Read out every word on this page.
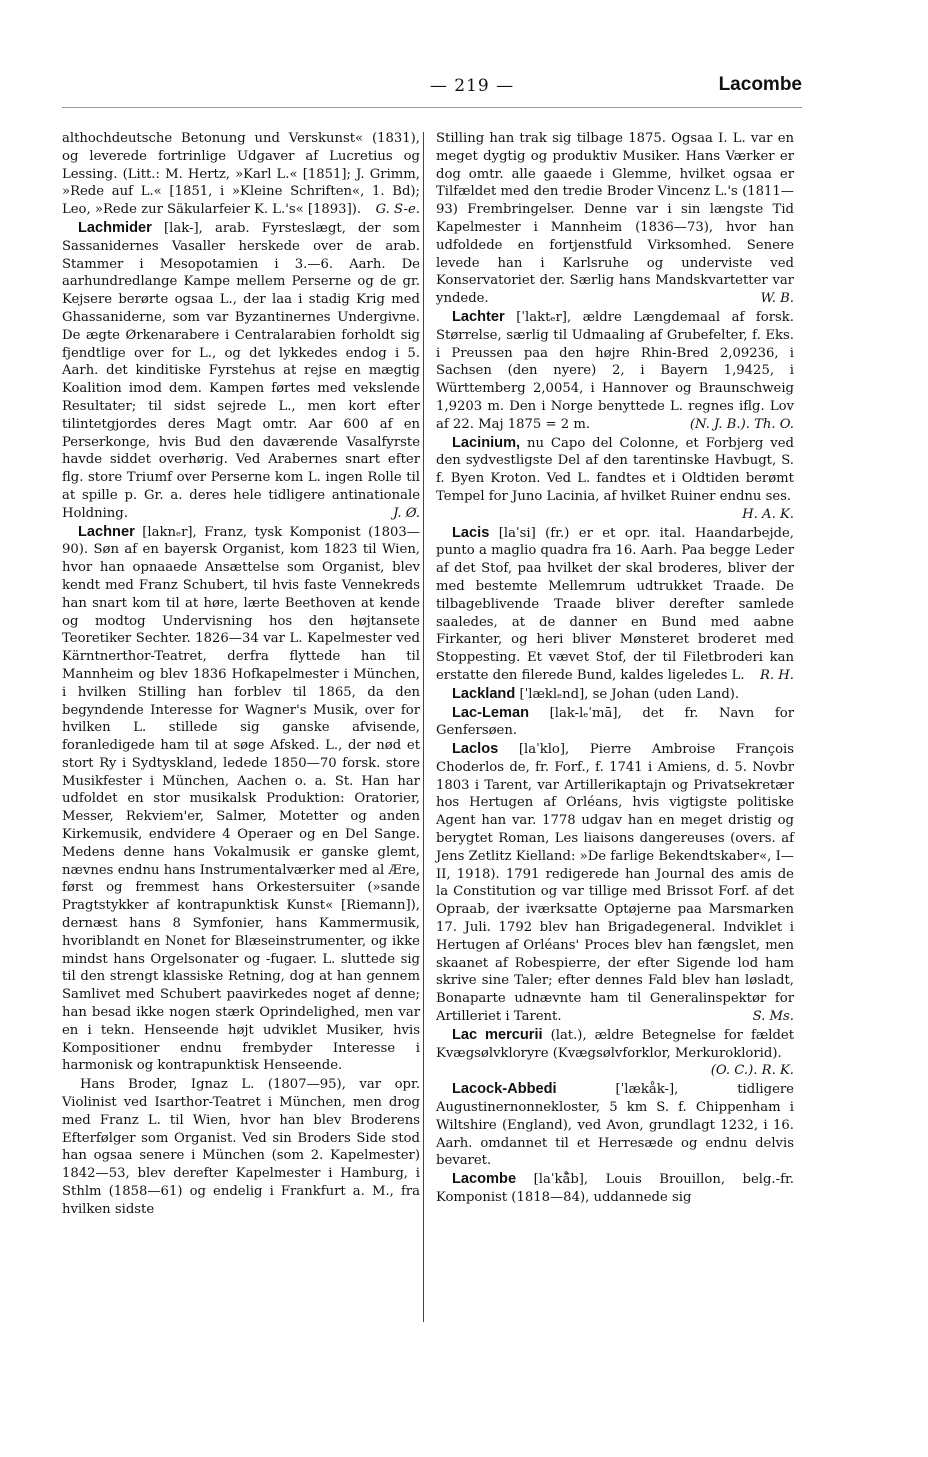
— 219 —	Lacombe

althochdeutsche Betonung und Verskunst« (1831), og leverede fortrinlige Udgaver af Lucretius og Lessing. (Litt.: M. Hertz, »Karl L.« [1851]; J. Grimm, »Rede auf L.« [1851, i »Kleine Schriften«, 1. Bd); Leo, »Rede zur Säkularfeier K. L.'s« [1893]). G. S-e.

Lachmider [lak-], arab. Fyrsteslægt, der som Sassanidernes Vasaller herskede over de arab. Stammer i Mesopotamien i 3.—6. Aarh. De aarhundredlange Kampe mellem Perserne og de gr. Kejsere berørte ogsaa L., der laa i stadig Krig med Ghassaniderne, som var Byzantinernes Undergivne. De ægte Ørkenarabere i Centralarabien forholdt sig fjendtlige over for L., og det lykkedes endog i 5. Aarh. det kinditiske Fyrstehus at rejse en mægtig Koalition imod dem. Kampen førtes med vekslende Resultater; til sidst sejrede L., men kort efter tilintetgjordes deres Magt omtr. Aar 600 af en Perserkonge, hvis Bud den daværende Vasalfyrste havde siddet overhørig. Ved Arabernes snart efter flg. store Triumf over Perserne kom L. ingen Rolle til at spille p. Gr. a. deres hele tidligere antinationale Holdning.	J. Ø.

Lachner [laknₑr], Franz, tysk Komponist (1803—90). Søn af en bayersk Organist, kom 1823 til Wien, hvor han opnaaede Ansættelse som Organist, blev kendt med Franz Schubert, til hvis faste Vennekreds han snart kom til at høre, lærte Beethoven at kende og modtog Undervisning hos den højtansete Teoretiker Sechter. 1826—34 var L. Kapelmester ved Kärntnerthor-Teatret, derfra flyttede han til Mannheim og blev 1836 Hofkapelmester i München, i hvilken Stilling han forblev til 1865, da den begyndende Interesse for Wagner's Musik, over for hvilken L. stillede sig ganske afvisende, foranledigede ham til at søge Afsked. L., der nød et stort Ry i Sydtyskland, ledede 1850—70 forsk. store Musikfester i München, Aachen o. a. St. Han har udfoldet en stor musikalsk Produktion: Oratorier, Messer, Rekviem'er, Salmer, Motetter og anden Kirkemusik, endvidere 4 Operaer og en Del Sange. Medens denne hans Vokalmusik er ganske glemt, nævnes endnu hans Instrumentalværker med al Ære, først og fremmest hans Orkestersuiter (»sande Pragtstykker af kontrapunktisk Kunst« [Riemann]), dernæst hans 8 Symfonier, hans Kammermusik, hvoriblandt en Nonet for Blæseinstrumenter, og ikke mindst hans Orgelsonater og -fugaer. L. sluttede sig til den strengt klassiske Retning, dog at han gennem Samlivet med Schubert paavirkedes noget af denne; han besad ikke nogen stærk Oprindelighed, men var en i tekn. Henseende højt udviklet Musiker, hvis Kompositioner endnu frembyder Interesse i harmonisk og kontrapunktisk Henseende.

Hans Broder, Ignaz L. (1807—95), var opr. Violinist ved Isarthor-Teatret i München, men drog med Franz L. til Wien, hvor han blev Broderens Efterfølger som Organist. Ved sin Broders Side stod han ogsaa senere i München (som 2. Kapelmester) 1842—53, blev derefter Kapelmester i Hamburg, i Sthlm (1858—61) og endelig i Frankfurt a. M., fra hvilken sidste

Stilling han trak sig tilbage 1875. Ogsaa I. L. var en meget dygtig og produktiv Musiker. Hans Værker er dog omtr. alle gaaede i Glemme, hvilket ogsaa er Tilfældet med den tredie Broder Vincenz L.'s (1811—93) Frembringelser. Denne var i sin længste Tid Kapelmester i Mannheim (1836—73), hvor han udfoldede en fortjenstfuld Virksomhed. Senere levede han i Karlsruhe og underviste ved Konservatoriet der. Særlig hans Mandskvartetter var yndede.	W. B.

Lachter [ˈlaktₑr], ældre Længdemaal af forsk. Størrelse, særlig til Udmaaling af Grubefelter, f. Eks. i Preussen paa den højre Rhin-Bred 2,09236, i Sachsen (den nyere) 2, i Bayern 1,9425, i Württemberg 2,0054, i Hannover og Braunschweig 1,9203 m. Den i Norge benyttede L. regnes iflg. Lov af 22. Maj 1875 = 2 m.	(N. J. B.). Th. O.

Lacinium, nu Capo del Colonne, et Forbjerg ved den sydvestligste Del af den tarentinske Havbugt, S. f. Byen Kroton. Ved L. fandtes et i Oldtiden berømt Tempel for Juno Lacinia, af hvilket Ruiner endnu ses.
H. A. K.

Lacis [laˈsi] (fr.) er et opr. ital. Haandarbejde, punto a maglio quadra fra 16. Aarh. Paa begge Leder af det Stof, paa hvilket der skal broderes, bliver der med bestemte Mellemrum udtrukket Traade. De tilbageblivende Traade bliver derefter samlede saaledes, at de danner en Bund med aabne Firkanter, og heri bliver Mønsteret broderet med Stoppesting. Et vævet Stof, der til Filetbroderi kan erstatte den filerede Bund, kaldes ligeledes L. R. H.

Lackland [ˈlæklₑnd], se Johan (uden Land).

Lac-Leman [lak-lₑˈmā], det fr. Navn for Genfersøen.

Laclos [laˈklo], Pierre Ambroise François Choderlos de, fr. Forf., f. 1741 i Amiens, d. 5. Novbr 1803 i Tarent, var Artillerikaptajn og Privatsekretær hos Hertugen af Orléans, hvis vigtigste politiske Agent han var. 1778 udgav han en meget dristig og berygtet Roman, Les liaisons dangereuses (overs. af Jens Zetlitz Kielland: »De farlige Bekendtskaber«, I—II, 1918). 1791 redigerede han Journal des amis de la Constitution og var tillige med Brissot Forf. af det Opraab, der iværksatte Optøjerne paa Marsmarken 17. Juli. 1792 blev han Brigadegeneral. Indviklet i Hertugen af Orléans' Proces blev han fængslet, men skaanet af Robespierre, der efter Sigende lod ham skrive sine Taler; efter dennes Fald blev han løsladt, Bonaparte udnævnte ham til Generalinspektør for Artilleriet i Tarent.	S. Ms.

Lac mercurii (lat.), ældre Betegnelse for fældet Kvægsølvkloryre (Kvægsølvforklor, Merkuroklorid).
(O. C.). R. K.

Lacock-Abbedi	[ˈlækåk-], tidligere Augustinernonnekloster, 5 km S. f. Chippenham i Wiltshire (England), ved Avon, grundlagt 1232, i 16. Aarh. omdannet til et Herresæde og endnu delvis bevaret.

Lacombe [laˈkå̃b], Louis Brouillon, belg.-fr. Komponist (1818—84), uddannede sig
